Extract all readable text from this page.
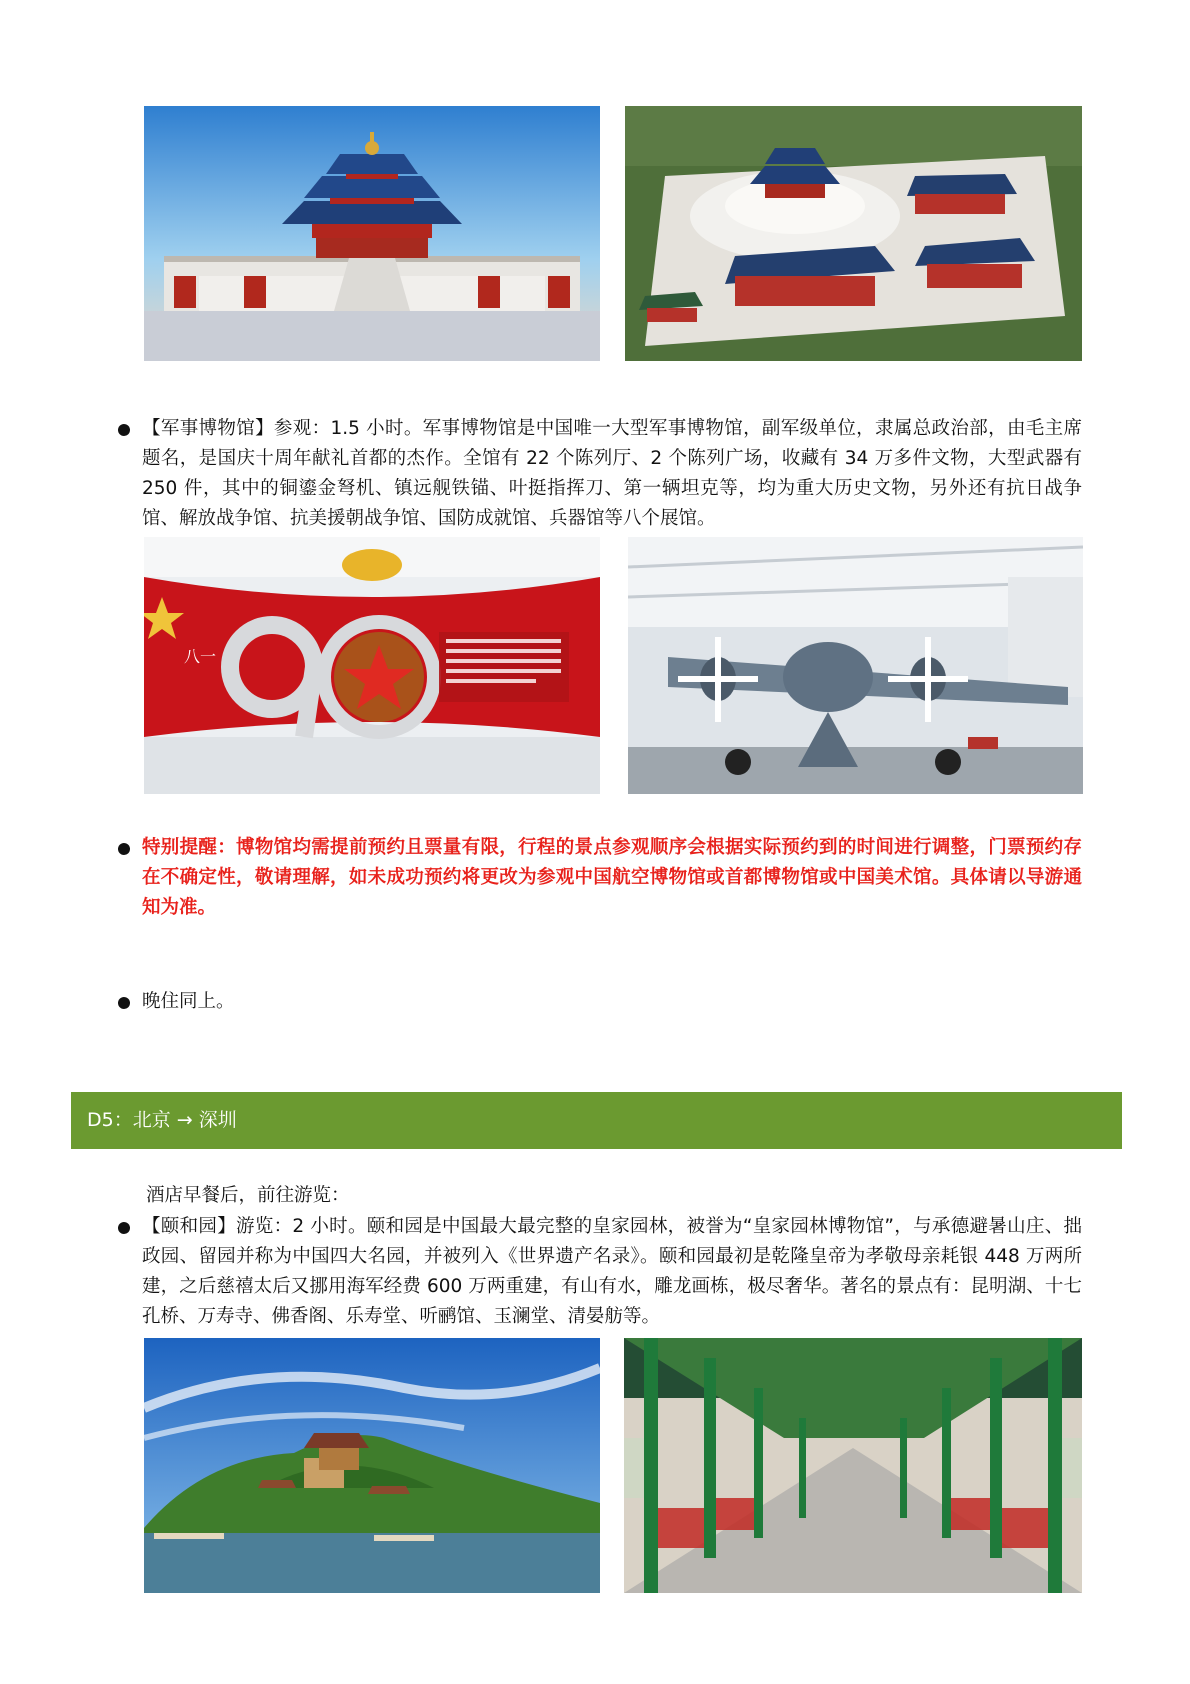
【军事博物馆】参观：1.5 小时。军事博物馆是中国唯一大型军事博物馆，副军级单位，隶属总政治部，由毛主席题名，是国庆十周年献礼首都的杰作。全馆有 22 个陈列厅、2 个陈列广场，收藏有 34 万多件文物，大型武器有 250 件，其中的铜鎏金弩机、镇远舰铁锚、叶挺指挥刀、第一辆坦克等，均为重大历史文物，另外还有抗日战争馆、解放战争馆、抗美援朝战争馆、国防成就馆、兵器馆等八个展馆。
八一
特别提醒：博物馆均需提前预约且票量有限，行程的景点参观顺序会根据实际预约到的时间进行调整，门票预约存在不确定性，敬请理解，如未成功预约将更改为参观中国航空博物馆或首都博物馆或中国美术馆。具体请以导游通知为准。
晚住同上。
D5：北京 → 深圳
酒店早餐后，前往游览：
【颐和园】游览：2 小时。颐和园是中国最大最完整的皇家园林，被誉为“皇家园林博物馆”，与承德避暑山庄、拙政园、留园并称为中国四大名园，并被列入《世界遗产名录》。颐和园最初是乾隆皇帝为孝敬母亲耗银 448 万两所建，之后慈禧太后又挪用海军经费 600 万两重建，有山有水，雕龙画栋，极尽奢华。著名的景点有：昆明湖、十七孔桥、万寿寺、佛香阁、乐寿堂、听鹂馆、玉澜堂、清晏舫等。
